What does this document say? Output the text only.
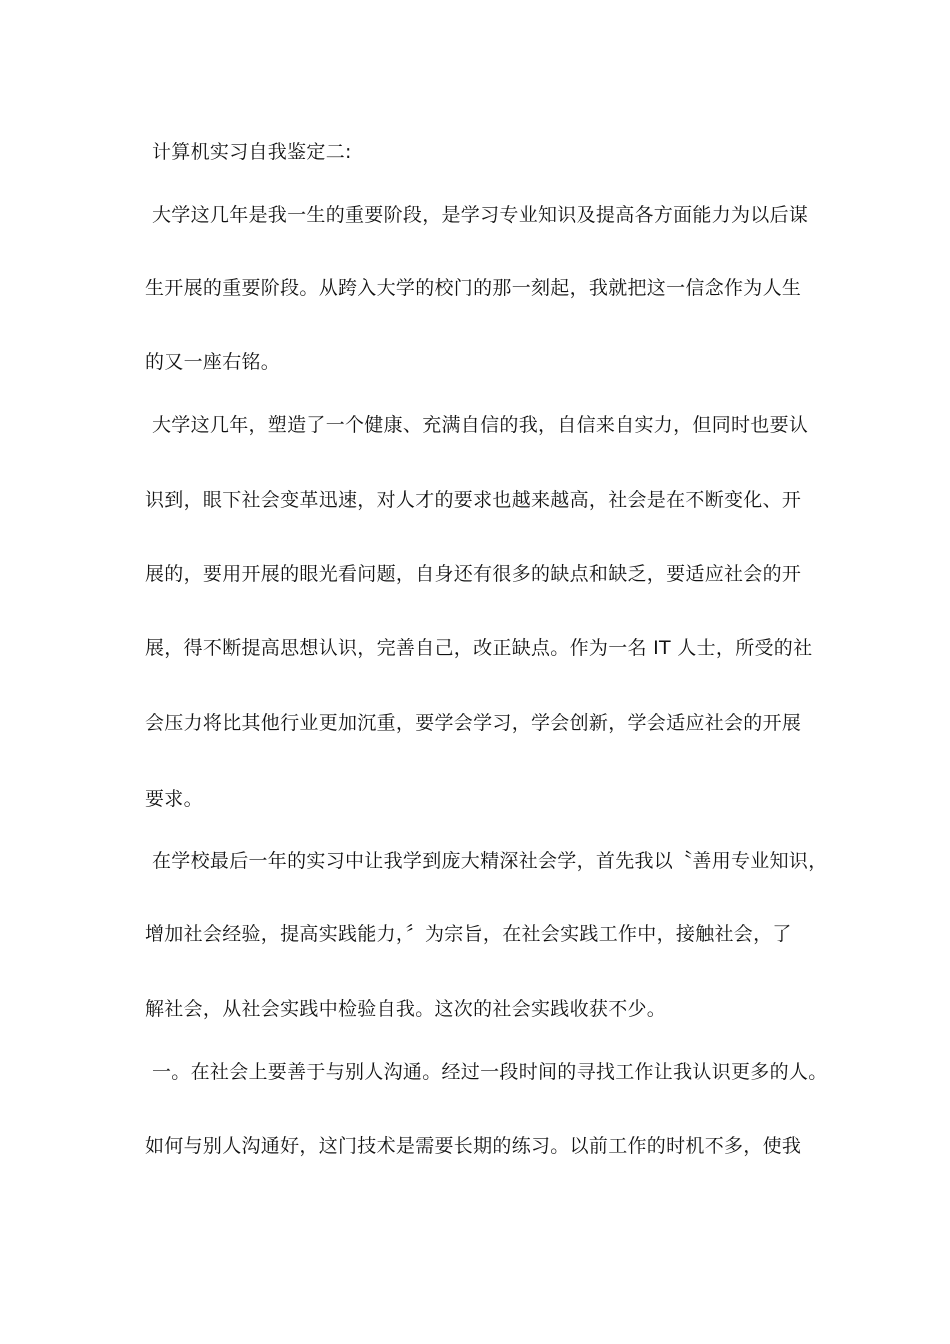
计算机实习自我鉴定二:
大学这几年是我一生的重要阶段，是学习专业知识及提高各方面能力为以后谋
生开展的重要阶段。从跨入大学的校门的那一刻起，我就把这一信念作为人生
的又一座右铭。
大学这几年，塑造了一个健康、充满自信的我，自信来自实力，但同时也要认
识到，眼下社会变革迅速，对人才的要求也越来越高，社会是在不断变化、开
展的，要用开展的眼光看问题，自身还有很多的缺点和缺乏，要适应社会的开
展，得不断提高思想认识，完善自己，改正缺点。作为一名 IT 人士，所受的社
会压力将比其他行业更加沉重，要学会学习，学会创新，学会适应社会的开展
要求。
在学校最后一年的实习中让我学到庞大精深社会学，首先我以〝善用专业知识，
增加社会经验，提高实践能力，〞为宗旨，在社会实践工作中，接触社会，了
解社会，从社会实践中检验自我。这次的社会实践收获不少。
一。在社会上要善于与别人沟通。经过一段时间的寻找工作让我认识更多的人。
如何与别人沟通好，这门技术是需要长期的练习。以前工作的时机不多，使我
